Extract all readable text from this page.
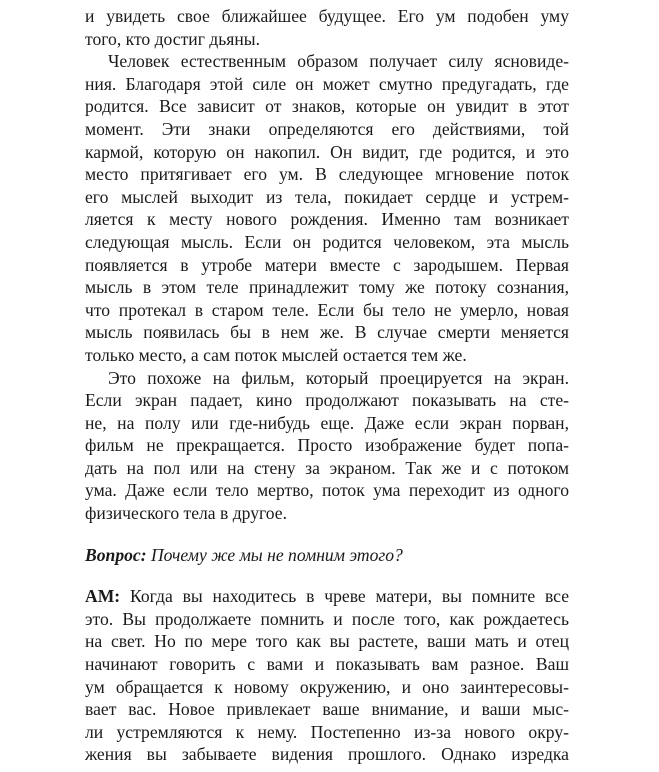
и увидеть свое ближайшее будущее. Его ум подобен уму
того, кто достиг дьяны.
Человек естественным образом получает силу ясновиде-
ния. Благодаря этой силе он может смутно предугадать, где
родится. Все зависит от знаков, которые он увидит в этот
момент. Эти знаки определяются его действиями, той
кармой, которую он накопил. Он видит, где родится, и это
место притягивает его ум. В следующее мгновение поток
его мыслей выходит из тела, покидает сердце и устрем-
ляется к месту нового рождения. Именно там возникает
следующая мысль. Если он родится человеком, эта мысль
появляется в утробе матери вместе с зародышем. Первая
мысль в этом теле принадлежит тому же потоку сознания,
что протекал в старом теле. Если бы тело не умерло, новая
мысль появилась бы в нем же. В случае смерти меняется
только место, а сам поток мыслей остается тем же.
Это похоже на фильм, который проецируется на экран.
Если экран падает, кино продолжают показывать на сте-
не, на полу или где-нибудь еще. Даже если экран порван,
фильм не прекращается. Просто изображение будет попа-
дать на пол или на стену за экраном. Так же и с потоком
ума. Даже если тело мертво, поток ума переходит из одного
физического тела в другое.
Вопрос: Почему же мы не помним этого?
АМ: Когда вы находитесь в чреве матери, вы помните все
это. Вы продолжаете помнить и после того, как рождаетесь
на свет. Но по мере того как вы растете, ваши мать и отец
начинают говорить с вами и показывать вам разное. Ваш
ум обращается к новому окружению, и оно заинтересовы-
вает вас. Новое привлекает ваше внимание, и ваши мыс-
ли устремляются к нему. Постепенно из-за нового окру-
жения вы забываете видения прошлого. Однако изредка
